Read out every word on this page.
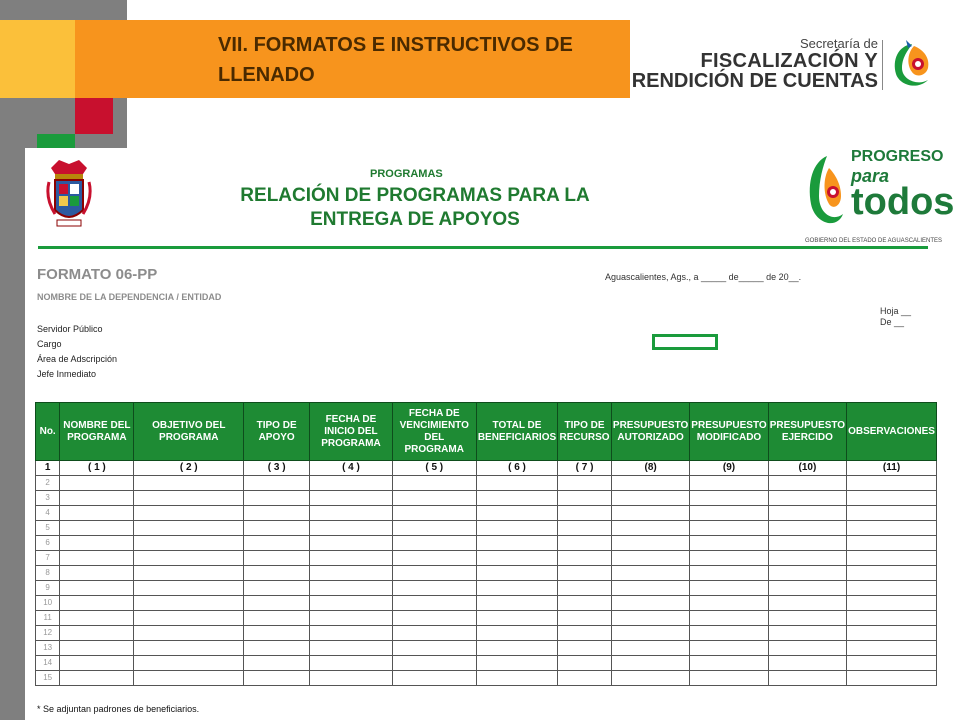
VII. FORMATOS E INSTRUCTIVOS DE LLENADO
Secretaría de
FISCALIZACIÓN Y
RENDICIÓN DE CUENTAS
PROGRAMAS
RELACIÓN DE PROGRAMAS PARA LA
ENTREGA DE APOYOS
PROGRESO
para
todos
GOBIERNO DEL ESTADO DE AGUASCALIENTES
FORMATO 06-PP
NOMBRE DE LA DEPENDENCIA / ENTIDAD
Aguascalientes, Ags., a _____ de_____ de 20__.
Hoja __
De __
Servidor Público
Cargo
Área de Adscripción
Jefe Inmediato
No.	NOMBRE DEL PROGRAMA	OBJETIVO DEL PROGRAMA	TIPO DE APOYO	FECHA DE INICIO DEL PROGRAMA	FECHA DE VENCIMIENTO DEL PROGRAMA	TOTAL DE BENEFICIARIOS	TIPO DE RECURSO	PRESUPUESTO AUTORIZADO	PRESUPUESTO MODIFICADO	PRESUPUESTO EJERCIDO	OBSERVACIONES
1	( 1 )	( 2 )	( 3 )	( 4 )	( 5 )	( 6 )	( 7 )	(8)	(9)	(10)	(11)
2											
3											
4											
5											
6											
7											
8											
9											
10											
11											
12											
13											
14											
15											
* Se adjuntan padrones de beneficiarios.
